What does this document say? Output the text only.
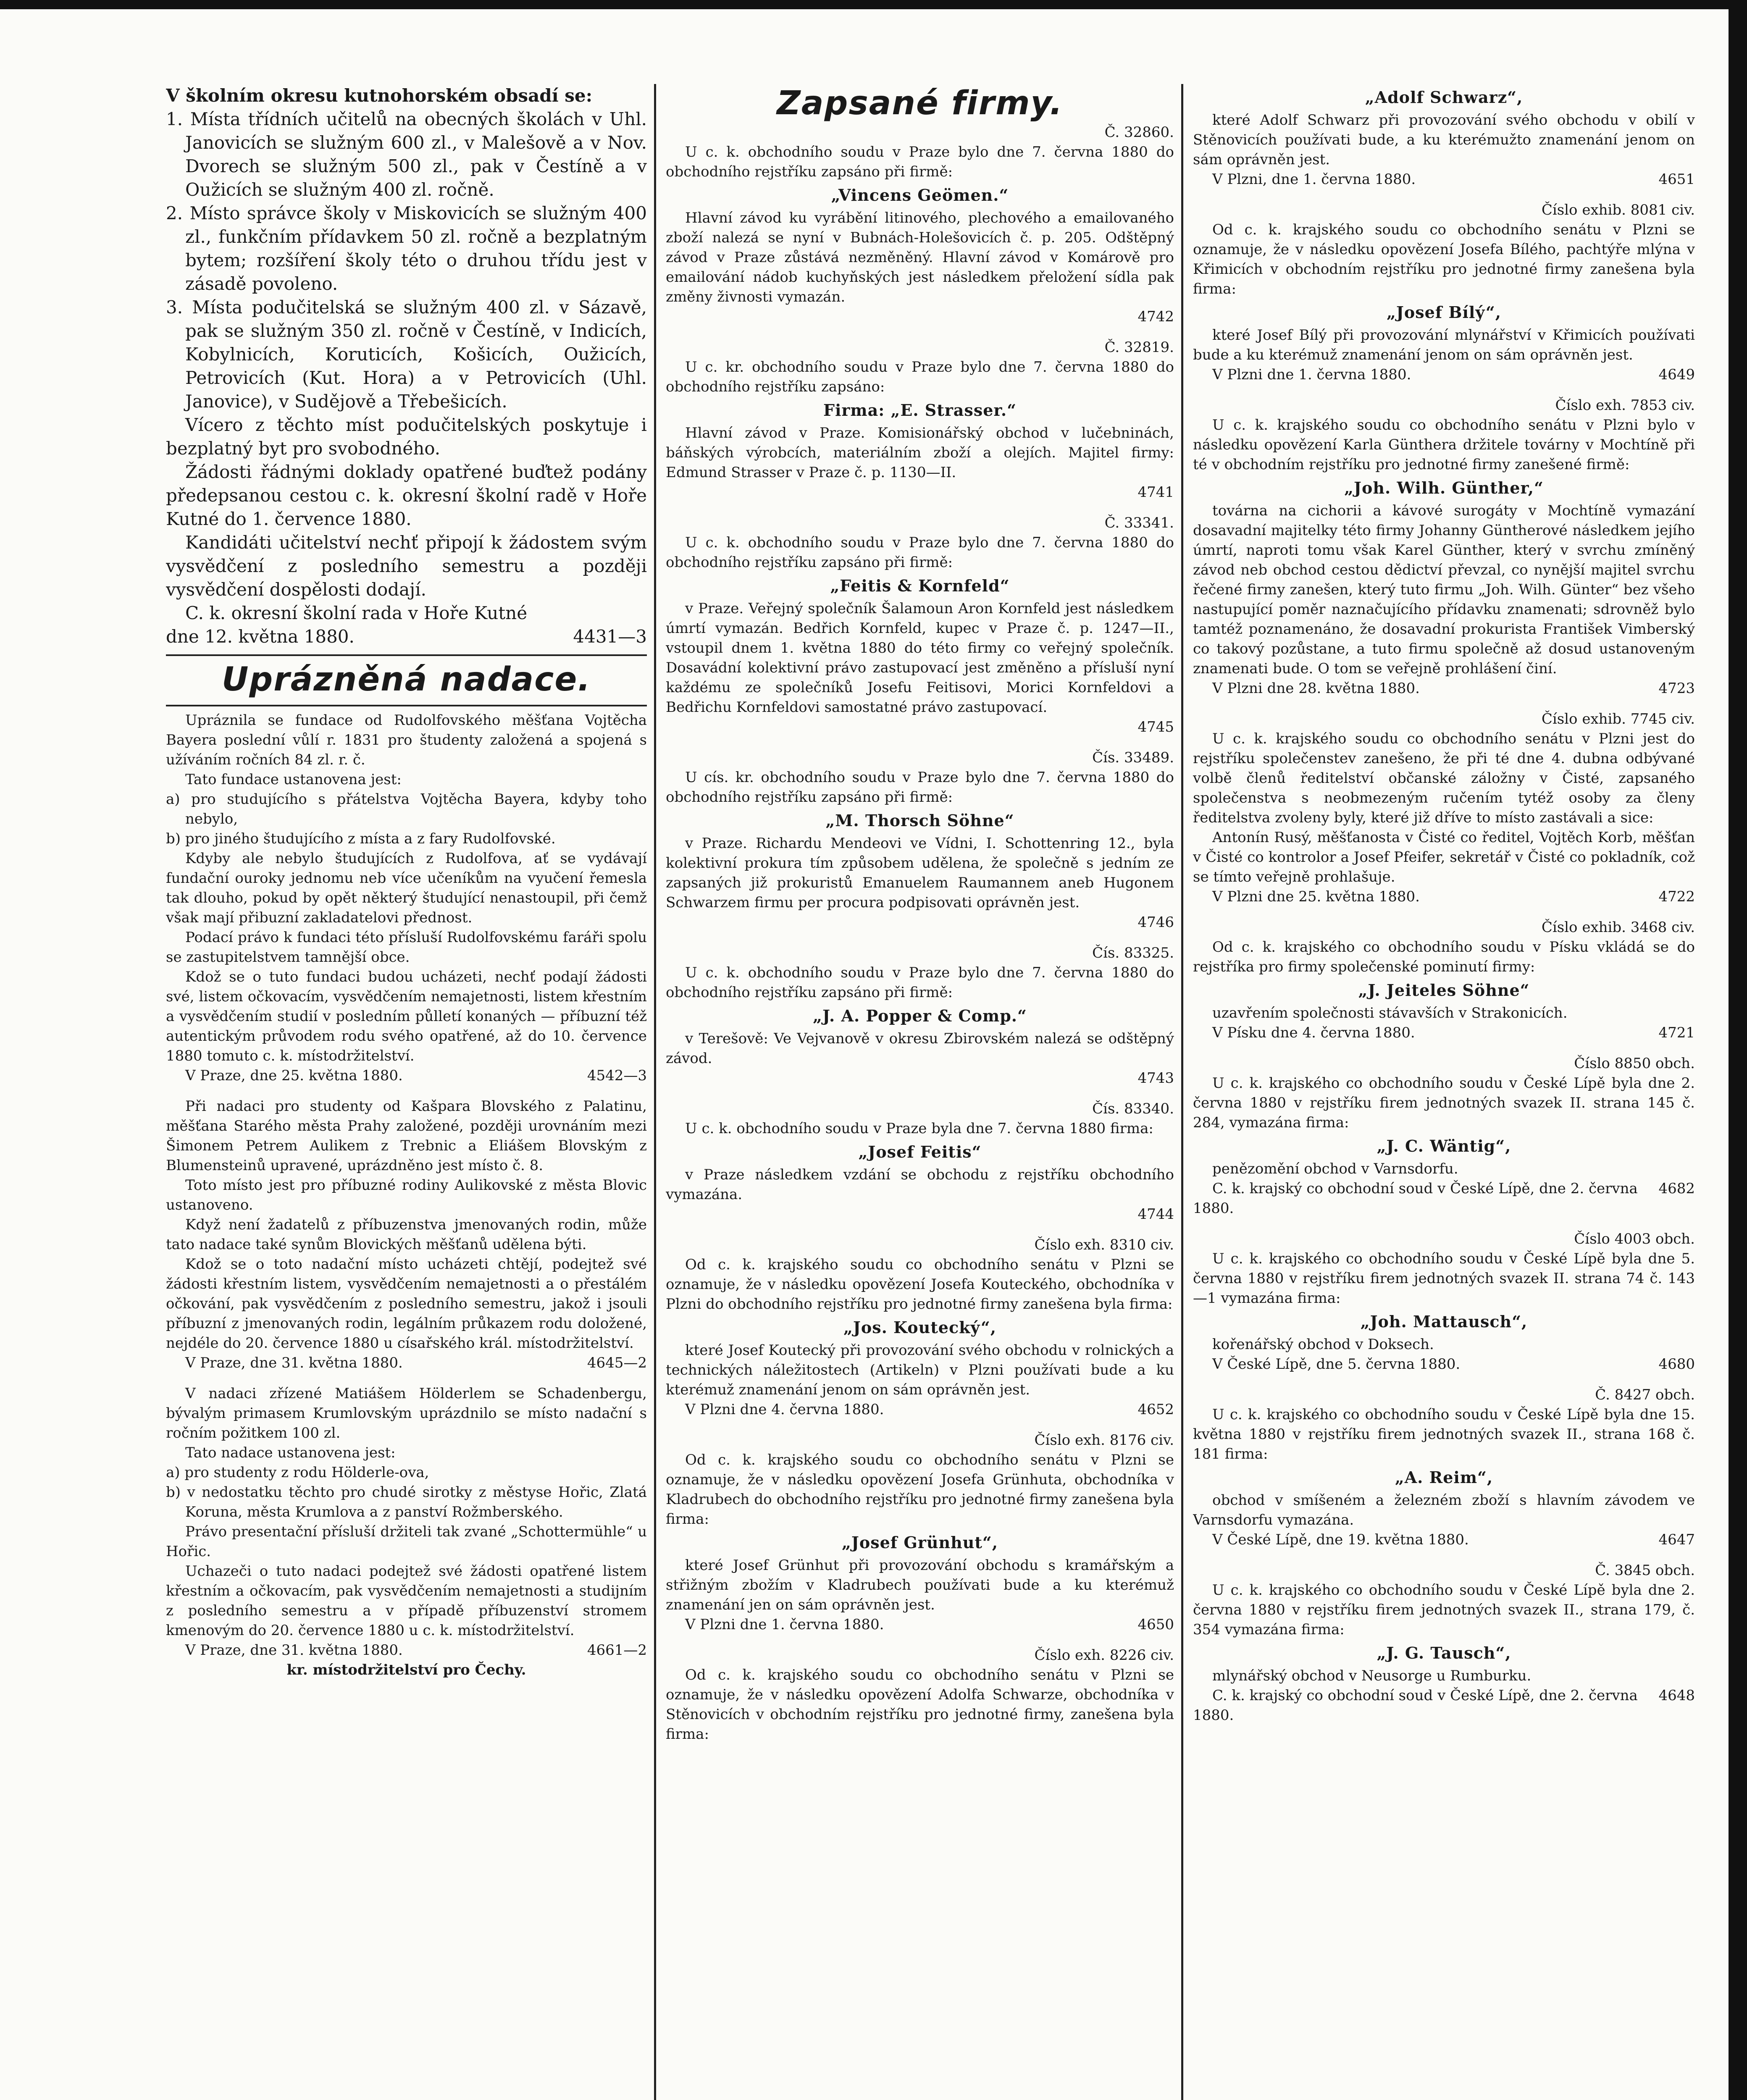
V školním okresu kutnohorském obsadí se:

1. Místa třídních učitelů na obecných školách v Uhl. Janovicích se služným 600 zl., v Malešově a v Nov. Dvorech se služným 500 zl., pak v Čestíně a v Oužicích se služným 400 zl. ročně.

2. Místo správce školy v Miskovicích se služným 400 zl., funkčním přídavkem 50 zl. ročně a bezplatným bytem; rozšíření školy této o druhou třídu jest v zásadě povoleno.

3. Místa podučitelská se služným 400 zl. v Sázavě, pak se služným 350 zl. ročně v Čestíně, v Indicích, Kobylnicích, Koruticích, Košicích, Oužicích, Petrovicích (Kut. Hora) a v Petrovicích (Uhl. Janovice), v Sudějově a Třebešicích.

Vícero z těchto míst podučitelských poskytuje i bezplatný byt pro svobodného.

Žádosti řádnými doklady opatřené buďtež podány předepsanou cestou c. k. okresní školní radě v Hoře Kutné do 1. července 1880.

Kandidáti učitelství nechť připojí k žádostem svým vysvědčení z posledního semestru a později vysvědčení dospělosti dodají.

C. k. okresní školní rada v Hoře Kutné

dne 12. května 1880.	4431—3
Uprázněná nadace.

Upráznila se fundace od Rudolfovského měšťana Vojtěcha Bayera poslední vůlí r. 1831 pro študenty založená a spojená s užíváním ročních 84 zl. r. č.

Tato fundace ustanovena jest:

a) pro studujícího s přátelstva Vojtěcha Bayera, kdyby toho nebylo,

b) pro jiného študujícího z místa a z fary Rudolfovské.

Kdyby ale nebylo študujících z Rudolfova, ať se vydávají fundační ouroky jednomu neb více učeníkům na vyučení řemesla tak dlouho, pokud by opět některý študující nenastoupil, při čemž však mají přibuzní zakladatelovi přednost.

Podací právo k fundaci této přísluší Rudolfovskému faráři spolu se zastupitelstvem tamnější obce.

Kdož se o tuto fundaci budou ucházeti, nechť podají žádosti své, listem očkovacím, vysvědčením nemajetnosti, listem křestním a vysvědčením studií v posledním půlletí konaných — příbuzní též autentickým průvodem rodu svého opatřené, až do 10. července 1880 tomuto c. k. místodržitelství.

V Praze, dne 25. května 1880.	4542—3

Při nadaci pro studenty od Kašpara Blovského z Palatinu, měšťana Starého města Prahy založené, později urovnáním mezi Šimonem Petrem Aulikem z Trebnic a Eliášem Blovským z Blumensteinů upravené, uprázdněno jest místo č. 8.

Toto místo jest pro příbuzné rodiny Aulikovské z města Blovic ustanoveno.

Když není žadatelů z příbuzenstva jmenovaných rodin, může tato nadace také synům Blovických měšťanů udělena býti.

Kdož se o toto nadační místo ucházeti chtějí, podejtež své žádosti křestním listem, vysvědčením nemajetnosti a o přestálém očkování, pak vysvědčením z posledního semestru, jakož i jsouli příbuzní z jmenovaných rodin, legálním průkazem rodu doložené, nejdéle do 20. července 1880 u císařského král. místodržitelství.

V Praze, dne 31. května 1880.	4645—2

V nadaci zřízené Matiášem Hölderlem se Schadenbergu, bývalým primasem Krumlovským uprázdnilo se místo nadační s ročním požitkem 100 zl.

Tato nadace ustanovena jest:

a) pro studenty z rodu Hölderle-ova,

b) v nedostatku těchto pro chudé sirotky z městyse Hořic, Zlatá Koruna, města Krumlova a z panství Rožmberského.

Právo presentační přísluší držiteli tak zvané „Schottermühle“ u Hořic.

Uchazeči o tuto nadaci podejtež své žádosti opatřené listem křestním a očkovacím, pak vysvědčením nemajetnosti a studijním z posledního semestru a v případě příbuzenství stromem kmenovým do 20. července 1880 u c. k. místodržitelství.

V Praze, dne 31. května 1880.	4661—2

kr. místodržitelství pro Čechy.

Zapsané firmy.

Č. 32860.

U c. k. obchodního soudu v Praze bylo dne 7. června 1880 do obchodního rejstříku zapsáno při firmě:

„Vincens Geömen.“

Hlavní závod ku vyrábění litinového, plechového a emailovaného zboží nalezá se nyní v Bubnách-Holešovicích č. p. 205. Odštěpný závod v Praze zůstává nezměněný. Hlavní závod v Komárově pro emailování nádob kuchyňských jest následkem přeložení sídla pak změny živnosti vymazán.

4742

Č. 32819.

U c. kr. obchodního soudu v Praze bylo dne 7. června 1880 do obchodního rejstříku zapsáno:

Firma: „E. Strasser.“

Hlavní závod v Praze. Komisionářský obchod v lučebninách, báňských výrobcích, materiálním zboží a olejích. Majitel firmy: Edmund Strasser v Praze č. p. 1130—II.

4741

Č. 33341.

U c. k. obchodního soudu v Praze bylo dne 7. června 1880 do obchodního rejstříku zapsáno při firmě:

„Feitis & Kornfeld“

v Praze. Veřejný společník Šalamoun Aron Kornfeld jest následkem úmrtí vymazán. Bedřich Kornfeld, kupec v Praze č. p. 1247—II., vstoupil dnem 1. května 1880 do této firmy co veřejný společník. Dosavádní kolektivní právo zastupovací jest změněno a přísluší nyní každému ze společníků Josefu Feitisovi, Morici Kornfeldovi a Bedřichu Kornfeldovi samostatné právo zastupovací.

4745

Čís. 33489.

U cís. kr. obchodního soudu v Praze bylo dne 7. června 1880 do obchodního rejstříku zapsáno při firmě:

„M. Thorsch Söhne“

v Praze. Richardu Mendeovi ve Vídni, I. Schottenring 12., byla kolektivní prokura tím způsobem udělena, že společně s jedním ze zapsaných již prokuristů Emanuelem Raumannem aneb Hugonem Schwarzem firmu per procura podpisovati oprávněn jest.

4746

Čís. 83325.

U c. k. obchodního soudu v Praze bylo dne 7. června 1880 do obchodního rejstříku zapsáno při firmě:

„J. A. Popper & Comp.“

v Terešově: Ve Vejvanově v okresu Zbirovském nalezá se odštěpný závod.

4743

Čís. 83340.

U c. k. obchodního soudu v Praze byla dne 7. června 1880 firma:

„Josef Feitis“

v Praze následkem vzdání se obchodu z rejstříku obchodního vymazána.

4744

Číslo exh. 8310 civ.

Od c. k. krajského soudu co obchodního senátu v Plzni se oznamuje, že v následku opovězení Josefa Kouteckého, obchodníka v Plzni do obchodního rejstříku pro jednotné firmy zanešena byla firma:

„Jos. Koutecký“,

které Josef Koutecký při provozování svého obchodu v rolnických a technických náležitostech (Artikeln) v Plzni používati bude a ku kterémuž znamenání jenom on sám oprávněn jest.

V Plzni dne 4. června 1880.	4652

Číslo exh. 8176 civ.

Od c. k. krajského soudu co obchodního senátu v Plzni se oznamuje, že v následku opovězení Josefa Grünhuta, obchodníka v Kladrubech do obchodního rejstříku pro jednotné firmy zanešena byla firma:

„Josef Grünhut“,

které Josef Grünhut při provozování obchodu s kramářským a střižným zbožím v Kladrubech používati bude a ku kterémuž znamenání jen on sám oprávněn jest.

V Plzni dne 1. června 1880.	4650

Číslo exh. 8226 civ.

Od c. k. krajského soudu co obchodního senátu v Plzni se oznamuje, že v následku opovězení Adolfa Schwarze, obchodníka v Stěnovicích v obchodním rejstříku pro jednotné firmy, zanešena byla firma:

„Adolf Schwarz“,

které Adolf Schwarz při provozování svého obchodu v obilí v Stěnovicích používati bude, a ku kterémužto znamenání jenom on sám oprávněn jest.

V Plzni, dne 1. června 1880.	4651

Číslo exhib. 8081 civ.

Od c. k. krajského soudu co obchodního senátu v Plzni se oznamuje, že v následku opovězení Josefa Bílého, pachtýře mlýna v Křimicích v obchodním rejstříku pro jednotné firmy zanešena byla firma:

„Josef Bílý“,

které Josef Bílý při provozování mlynářství v Křimicích používati bude a ku kterémuž znamenání jenom on sám oprávněn jest.

V Plzni dne 1. června 1880.	4649

Číslo exh. 7853 civ.

U c. k. krajského soudu co obchodního senátu v Plzni bylo v následku opovězení Karla Günthera držitele továrny v Mochtíně při té v obchodním rejstříku pro jednotné firmy zanešené firmě:

„Joh. Wilh. Günther,“

továrna na cichorii a kávové surogáty v Mochtíně vymazání dosavadní majitelky této firmy Johanny Güntherové následkem jejího úmrtí, naproti tomu však Karel Günther, který v svrchu zmíněný závod neb obchod cestou dědictví převzal, co nynější majitel svrchu řečené firmy zanešen, který tuto firmu „Joh. Wilh. Günter“ bez všeho nastupující poměr naznačujícího přídavku znamenati; sdrovněž bylo tamtéž poznamenáno, že dosavadní prokurista František Vimberský co takový pozůstane, a tuto firmu společně až dosud ustanoveným znamenati bude. O tom se veřejně prohlášení činí.

V Plzni dne 28. května 1880.	4723

Číslo exhib. 7745 civ.

U c. k. krajského soudu co obchodního senátu v Plzni jest do rejstříku společenstev zanešeno, že při té dne 4. dubna odbývané volbě členů ředitelství občanské záložny v Čisté, zapsaného společenstva s neobmezeným ručením tytéž osoby za členy ředitelstva zvoleny byly, které již dříve to místo zastávali a sice:

Antonín Rusý, měšťanosta v Čisté co ředitel, Vojtěch Korb, měšťan v Čisté co kontrolor a Josef Pfeifer, sekretář v Čisté co pokladník, což se tímto veřejně prohlašuje.

V Plzni dne 25. května 1880.	4722

Číslo exhib. 3468 civ.

Od c. k. krajského co obchodního soudu v Písku vkládá se do rejstříka pro firmy společenské pominutí firmy:

„J. Jeiteles Söhne“

uzavřením společnosti stávavších v Strakonicích.

V Písku dne 4. června 1880.	4721

Číslo 8850 obch.

U c. k. krajského co obchodního soudu v České Lípě byla dne 2. června 1880 v rejstříku firem jednotných svazek II. strana 145 č. 284, vymazána firma:

„J. C. Wäntig“,

penězomění obchod v Varnsdorfu.

C. k. krajský co obchodní soud v České Lípě, dne 2. června 1880.
4682

Číslo 4003 obch.

U c. k. krajského co obchodního soudu v České Lípě byla dne 5. června 1880 v rejstříku firem jednotných svazek II. strana 74 č. 143—1 vymazána firma:

„Joh. Mattausch“,

kořenářský obchod v Doksech.

V České Lípě, dne 5. června 1880.	4680

Č. 8427 obch.

U c. k. krajského co obchodního soudu v České Lípě byla dne 15. května 1880 v rejstříku firem jednotných svazek II., strana 168 č. 181 firma:

„A. Reim“,

obchod v smíšeném a železném zboží s hlavním závodem ve Varnsdorfu vymazána.

V České Lípě, dne 19. května 1880.	4647

Č. 3845 obch.

U c. k. krajského co obchodního soudu v České Lípě byla dne 2. června 1880 v rejstříku firem jednotných svazek II., strana 179, č. 354 vymazána firma:

„J. G. Tausch“,

mlynářský obchod v Neusorge u Rumburku.

C. k. krajský co obchodní soud v České Lípě, dne 2. června 1880.
4648
